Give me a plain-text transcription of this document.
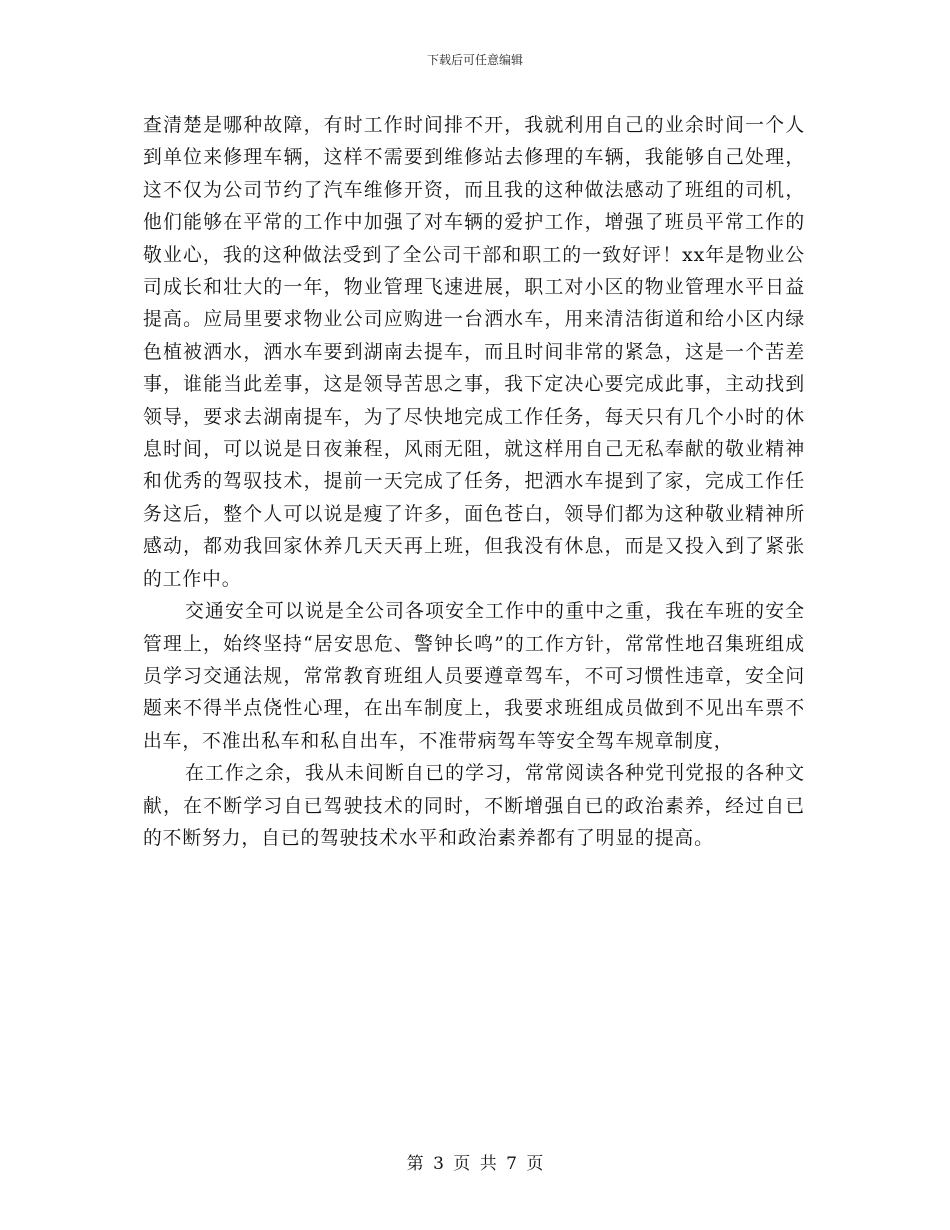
下载后可任意编辑

查清楚是哪种故障，有时工作时间排不开，我就利用自己的业余时间一个人到单位来修理车辆，这样不需要到维修站去修理的车辆，我能够自己处理，这不仅为公司节约了汽车维修开资，而且我的这种做法感动了班组的司机，他们能够在平常的工作中加强了对车辆的爱护工作，增强了班员平常工作的敬业心，我的这种做法受到了全公司干部和职工的一致好评！xx年是物业公司成长和壮大的一年，物业管理飞速进展，职工对小区的物业管理水平日益提高。应局里要求物业公司应购进一台洒水车，用来清洁街道和给小区内绿色植被洒水，洒水车要到湖南去提车，而且时间非常的紧急，这是一个苦差事，谁能当此差事，这是领导苦思之事，我下定决心要完成此事，主动找到领导，要求去湖南提车，为了尽快地完成工作任务，每天只有几个小时的休息时间，可以说是日夜兼程，风雨无阻，就这样用自己无私奉献的敬业精神和优秀的驾驭技术，提前一天完成了任务，把洒水车提到了家，完成工作任务这后，整个人可以说是瘦了许多，面色苍白，领导们都为这种敬业精神所感动，都劝我回家休养几天天再上班，但我没有休息，而是又投入到了紧张的工作中。

交通安全可以说是全公司各项安全工作中的重中之重，我在车班的安全管理上，始终坚持“居安思危、警钟长鸣”的工作方针，常常性地召集班组成员学习交通法规，常常教育班组人员要遵章驾车，不可习惯性违章，安全问题来不得半点侥性心理，在出车制度上，我要求班组成员做到不见出车票不出车，不准出私车和私自出车，不准带病驾车等安全驾车规章制度，

在工作之余，我从未间断自已的学习，常常阅读各种党刊党报的各种文献，在不断学习自已驾驶技术的同时，不断增强自已的政治素养，经过自已的不断努力，自已的驾驶技术水平和政治素养都有了明显的提高。

第 3 页 共 7 页
